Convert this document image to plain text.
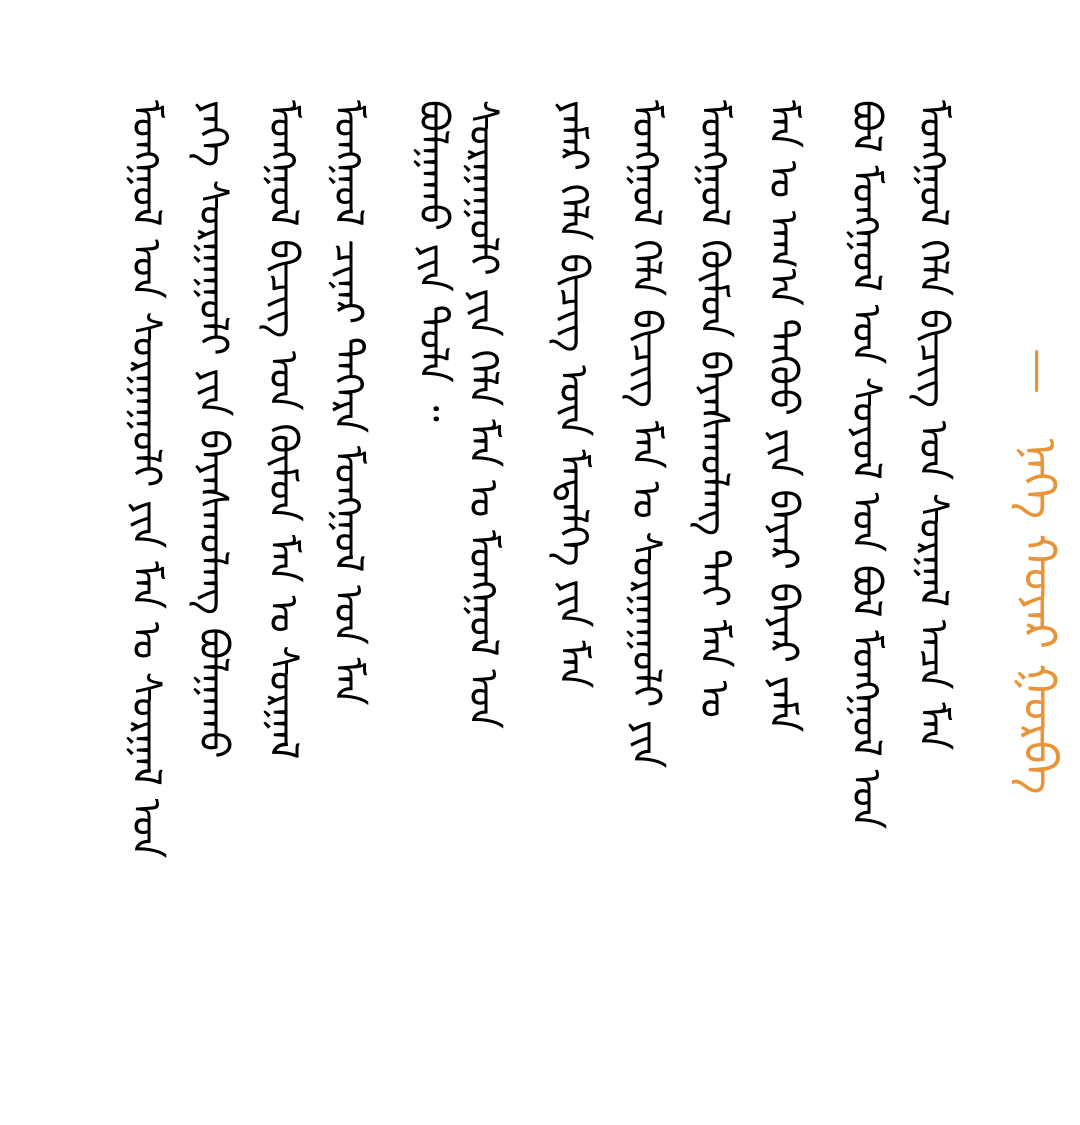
— ᠨᠡᠭᠡ ᠬᠣᠶᠠᠷ ᠭᠤᠷᠪᠠ
ᠮᠣᠩᠭᠣᠯ ᠬᠡᠯᠡ ᠪᠢᠴᠢᠭ ᠤᠨ ᠰᠤᠷᠭᠠᠯ ᠠᠴᠠ ᠮᠠᠨ
ᠪᠣᠯ ᠮᠣᠩᠭᠣᠯ ᠤᠨ ᠰᠣᠶᠣᠯ ᠤᠨ ᠪᠣᠯ ᠮᠣᠩᠭᠣᠯ ᠤᠨ
ᠮᠠᠨ ᠤ ᠠᠬ᠎ᠠ ᠳᠡᠭᠦᠦ ᠶᠢᠨ ᠪᠠᠶᠠᠷ ᠪᠠᠶᠠᠷ ᠶᠠᠮᠠ
ᠮᠣᠩᠭᠣᠯ ᠬᠦᠮᠦᠨ ᠪᠠᠶᠠᠰᠬᠤᠯᠠᠩ ᠲᠠᠢ ᠮᠠᠨ ᠤ
ᠮᠣᠩᠭᠣᠯ ᠬᠡᠯᠡ ᠪᠢᠴᠢᠭ ᠮᠠᠨ ᠤ ᠰᠤᠷᠭᠠᠭᠤᠯᠢ ᠶᠢᠨ
ᠶᠠᠮᠠᠷ ᠬᠡᠯᠡ ᠪᠢᠴᠢᠭ ᠦᠨ ᠮᠡᠳᠡᠯᠭᠡ ᠶᠢᠨ ᠮᠠᠨ
ᠰᠤᠷᠭᠠᠭᠤᠯᠢ ᠶᠢᠨ ᠬᠡᠯᠡ ᠮᠠᠨ ᠤ ᠮᠣᠩᠭᠣᠯ ᠤᠨ
ᠪᠣᠯᠭᠠᠬᠤ ᠶᠢᠨ ᠲᠤᠯᠠ ᠃
ᠮᠣᠩᠭᠣᠯ ᠴᠢᠨᠠᠷ ᠳᠡᠭᠡᠷᠡ ᠮᠣᠩᠭᠣᠯ ᠤᠨ ᠮᠠᠨ
ᠮᠣᠩᠭᠣᠯ ᠪᠢᠴᠢᠭ ᠤᠨ ᠬᠦᠮᠦᠨ ᠮᠠᠨ ᠤ ᠰᠤᠷᠭᠠᠯ
ᠶᠡᠬᠡ ᠰᠤᠷᠭᠠᠭᠤᠯᠢ ᠶᠢᠨ ᠪᠠᠶᠠᠰᠬᠤᠯᠠᠩ ᠪᠣᠯᠭᠠᠬᠤ
ᠮᠣᠩᠭᠣᠯ ᠤᠨ ᠰᠤᠷᠭᠠᠭᠤᠯᠢ ᠶᠢᠨ ᠮᠠᠨ ᠤ ᠰᠤᠷᠭᠠᠯ ᠤᠨ
